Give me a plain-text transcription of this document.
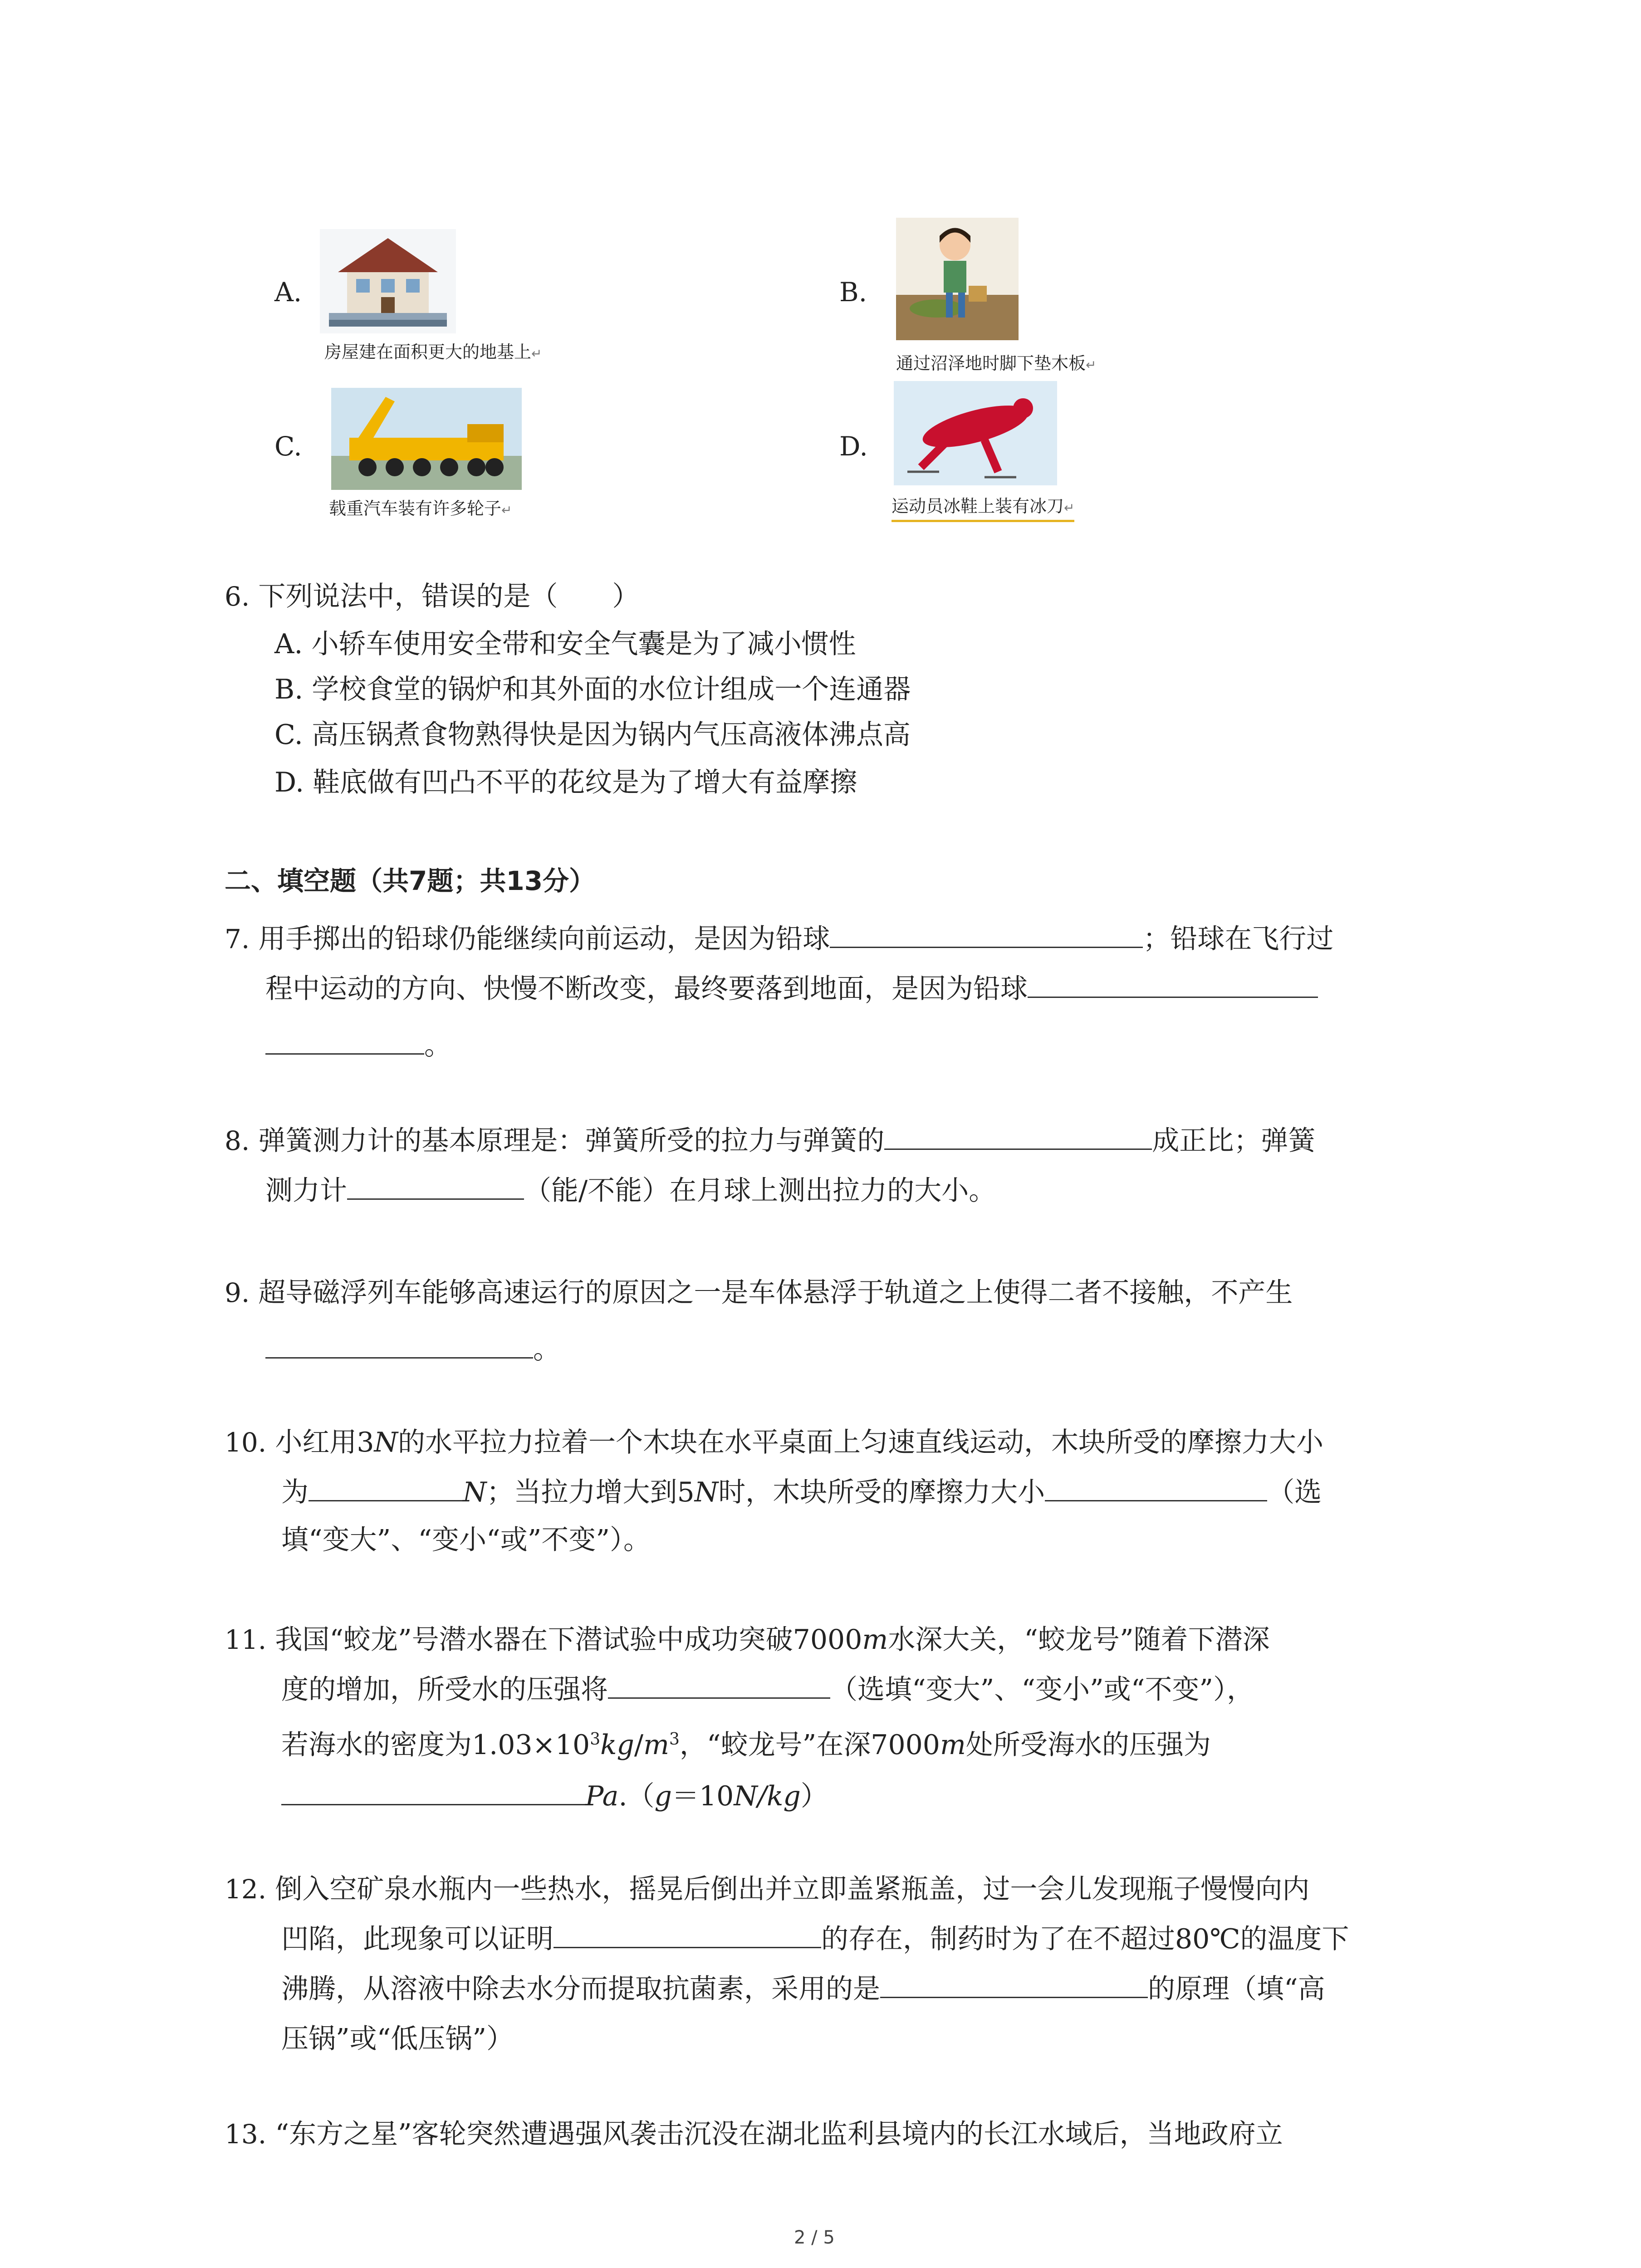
A.
房屋建在面积更大的地基上↵
B.
通过沼泽地时脚下垫木板↵
C.
载重汽车装有许多轮子↵
D.
运动员冰鞋上装有冰刀↵
6. 下列说法中，错误的是（　　）
A. 小轿车使用安全带和安全气囊是为了减小惯性
B. 学校食堂的锅炉和其外面的水位计组成一个连通器
C. 高压锅煮食物熟得快是因为锅内气压高液体沸点高
D. 鞋底做有凹凸不平的花纹是为了增大有益摩擦
二、填空题（共7题；共13分）
7. 用手掷出的铅球仍能继续向前运动，是因为铅球	；铅球在飞行过
程中运动的方向、快慢不断改变，最终要落到地面，是因为铅球
。
8. 弹簧测力计的基本原理是：弹簧所受的拉力与弹簧的	成正比；弹簧
测力计	（能/不能）在月球上测出拉力的大小。
9. 超导磁浮列车能够高速运行的原因之一是车体悬浮于轨道之上使得二者不接触，不产生
。
10. 小红用3N的水平拉力拉着一个木块在水平桌面上匀速直线运动，木块所受的摩擦力大小
为	N；当拉力增大到5N时，木块所受的摩擦力大小	（选
填“变大”、“变小“或”不变”）。
11. 我国“蛟龙”号潜水器在下潜试验中成功突破7000m水深大关，“蛟龙号”随着下潜深
度的增加，所受水的压强将	（选填“变大”、“变小”或“不变”），
若海水的密度为$1.03\times 10^3kg/m^3$，“蛟龙号”在深7000m处所受海水的压强为
Pa.（g＝10N/kg）
12. 倒入空矿泉水瓶内一些热水，摇晃后倒出并立即盖紧瓶盖，过一会儿发现瓶子慢慢向内
凹陷，此现象可以证明	的存在，制药时为了在不超过80℃的温度下
沸腾，从溶液中除去水分而提取抗菌素，采用的是	的原理（填“高
压锅”或“低压锅”）
13. “东方之星”客轮突然遭遇强风袭击沉没在湖北监利县境内的长江水域后，当地政府立
2 / 5
